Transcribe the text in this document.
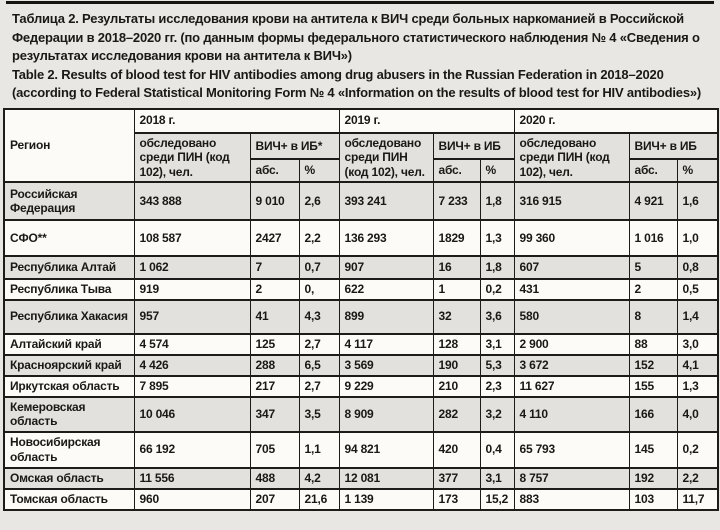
Таблица 2. Результаты исследования крови на антитела к ВИЧ среди больных наркоманией в Российской Федерации в 2018–2020 гг. (по данным формы федерального статистического наблюдения № 4 «Сведения о результатах исследования крови на антитела к ВИЧ»)

Table 2. Results of blood test for HIV antibodies among drug abusers in the Russian Federation in 2018–2020 (according to Federal Statistical Monitoring Form № 4 «Information on the results of blood test for HIV antibodies»)

Регион	2018 г.			2019 г.			2020 г.		
	обследовано среди ПИН (код 102), чел.	ВИЧ+ в ИБ*		обследовано среди ПИН (код 102), чел.	ВИЧ+ в ИБ		обследовано среди ПИН (код 102), чел.	ВИЧ+ в ИБ	
		абс.	%		абс.	%		абс.	%
Российская Федерация	343 888	9 010	2,6	393 241	7 233	1,8	316 915	4 921	1,6
СФО**	108 587	2427	2,2	136 293	1829	1,3	99 360	1 016	1,0
Республика Алтай	1 062	7	0,7	907	16	1,8	607	5	0,8
Республика Тыва	919	2	0,	622	1	0,2	431	2	0,5
Республика Хакасия	957	41	4,3	899	32	3,6	580	8	1,4
Алтайский край	4 574	125	2,7	4 117	128	3,1	2 900	88	3,0
Красноярский край	4 426	288	6,5	3 569	190	5,3	3 672	152	4,1
Иркутская область	7 895	217	2,7	9 229	210	2,3	11 627	155	1,3
Кемеровская область	10 046	347	3,5	8 909	282	3,2	4 110	166	4,0
Новосибирская область	66 192	705	1,1	94 821	420	0,4	65 793	145	0,2
Омская область	11 556	488	4,2	12 081	377	3,1	8 757	192	2,2
Томская область	960	207	21,6	1 139	173	15,2	883	103	11,7
